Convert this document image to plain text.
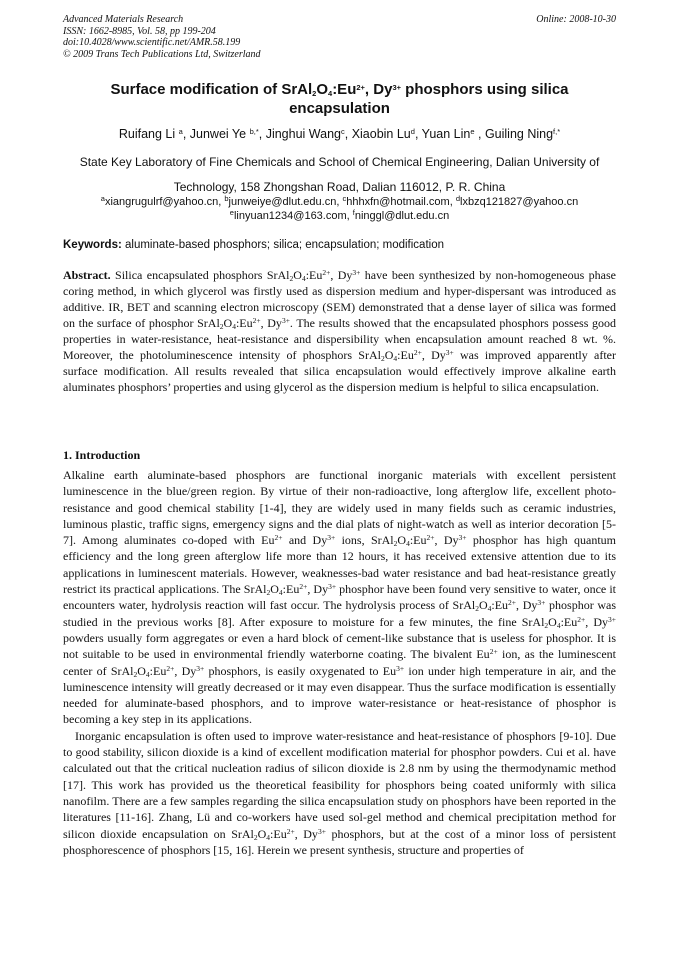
Advanced Materials Research
ISSN: 1662-8985, Vol. 58, pp 199-204
doi:10.4028/www.scientific.net/AMR.58.199
© 2009 Trans Tech Publications Ltd, Switzerland
Online: 2008-10-30
Surface modification of $SrAl_2O_4:Eu^{2+}$, $Dy^{3+}$ phosphors using silica encapsulation
Ruifang Li $^a$, Junwei Ye $^{b,*}$, Jinghui Wang$^c$, Xiaobin Lu$^d$, Yuan Lin$^e$ , Guiling Ning$^{f,*}$
State Key Laboratory of Fine Chemicals and School of Chemical Engineering, Dalian University of Technology, 158 Zhongshan Road, Dalian 116012, P. R. China
$^a$xiangrugulrf@yahoo.cn, $^b$junweiye@dlut.edu.cn, $^c$hhhxfn@hotmail.com, $^d$lxbzq121827@yahoo.cn
$^e$linyuan1234@163.com, $^f$ninggl@dlut.edu.cn
Keywords: aluminate-based phosphors; silica; encapsulation; modification
Abstract. Silica encapsulated phosphors $SrAl_2O_4:Eu^{2+}$, $Dy^{3+}$ have been synthesized by non-homogeneous phase coring method, in which glycerol was firstly used as dispersion medium and hyper-dispersant was introduced as additive. IR, BET and scanning electron microscopy (SEM) demonstrated that a dense layer of silica was formed on the surface of phosphor $SrAl_2O_4:Eu^{2+}$, $Dy^{3+}$. The results showed that the encapsulated phosphors possess good properties in water-resistance, heat-resistance and dispersibility when encapsulation amount reached 8 wt. %. Moreover, the photoluminescence intensity of phosphors $SrAl_2O_4:Eu^{2+}$, $Dy^{3+}$ was improved apparently after surface modification. All results revealed that silica encapsulation would effectively improve alkaline earth aluminates phosphors’ properties and using glycerol as the dispersion medium is helpful to silica encapsulation.
1. Introduction

Alkaline earth aluminate-based phosphors are functional inorganic materials with excellent persistent luminescence in the blue/green region. By virtue of their non-radioactive, long afterglow life, excellent photo-resistance and good chemical stability [1-4], they are widely used in many fields such as ceramic industries, luminous plastic, traffic signs, emergency signs and the dial plats of night-watch as well as interior decoration [5-7]. Among aluminates co-doped with $Eu^{2+}$ and $Dy^{3+}$ ions, $SrAl_2O_4:Eu^{2+}$, $Dy^{3+}$ phosphor has high quantum efficiency and the long green afterglow life more than 12 hours, it has received extensive attention due to its applications in luminescent materials. However, weaknesses-bad water resistance and bad heat-resistance greatly restrict its practical applications. The $SrAl_2O_4:Eu^{2+}$, $Dy^{3+}$ phosphor have been found very sensitive to water, once it encounters water, hydrolysis reaction will fast occur. The hydrolysis process of $SrAl_2O_4:Eu^{2+}$, $Dy^{3+}$ phosphor was studied in the previous works [8]. After exposure to moisture for a few minutes, the fine $SrAl_2O_4:Eu^{2+}$, $Dy^{3+}$ powders usually form aggregates or even a hard block of cement-like substance that is useless for phosphor. It is not suitable to be used in environmental friendly waterborne coating. The bivalent $Eu^{2+}$ ion, as the luminescent center of $SrAl_2O_4:Eu^{2+}$, $Dy^{3+}$ phosphors, is easily oxygenated to $Eu^{3+}$ ion under high temperature in air, and the luminescence intensity will greatly decreased or it may even disappear. Thus the surface modification is essentially needed for aluminate-based phosphors, and to improve water-resistance or heat-resistance of phosphor is becoming a key step in its applications.

Inorganic encapsulation is often used to improve water-resistance and heat-resistance of phosphors [9-10]. Due to good stability, silicon dioxide is a kind of excellent modification material for phosphor powders. Cui et al. have calculated out that the critical nucleation radius of silicon dioxide is 2.8 nm by using the thermodynamic method [17]. This work has provided us the theoretical feasibility for phosphors being coated uniformly with silica nanofilm. There are a few samples regarding the silica encapsulation study on phosphors have been reported in the literatures [11-16]. Zhang, Lü and co-workers have used sol-gel method and chemical precipitation method for silicon dioxide encapsulation on $SrAl_2O_4:Eu^{2+}$, $Dy^{3+}$ phosphors, but at the cost of a minor loss of persistent phosphorescence of phosphors [15, 16]. Herein we present synthesis, structure and properties of
